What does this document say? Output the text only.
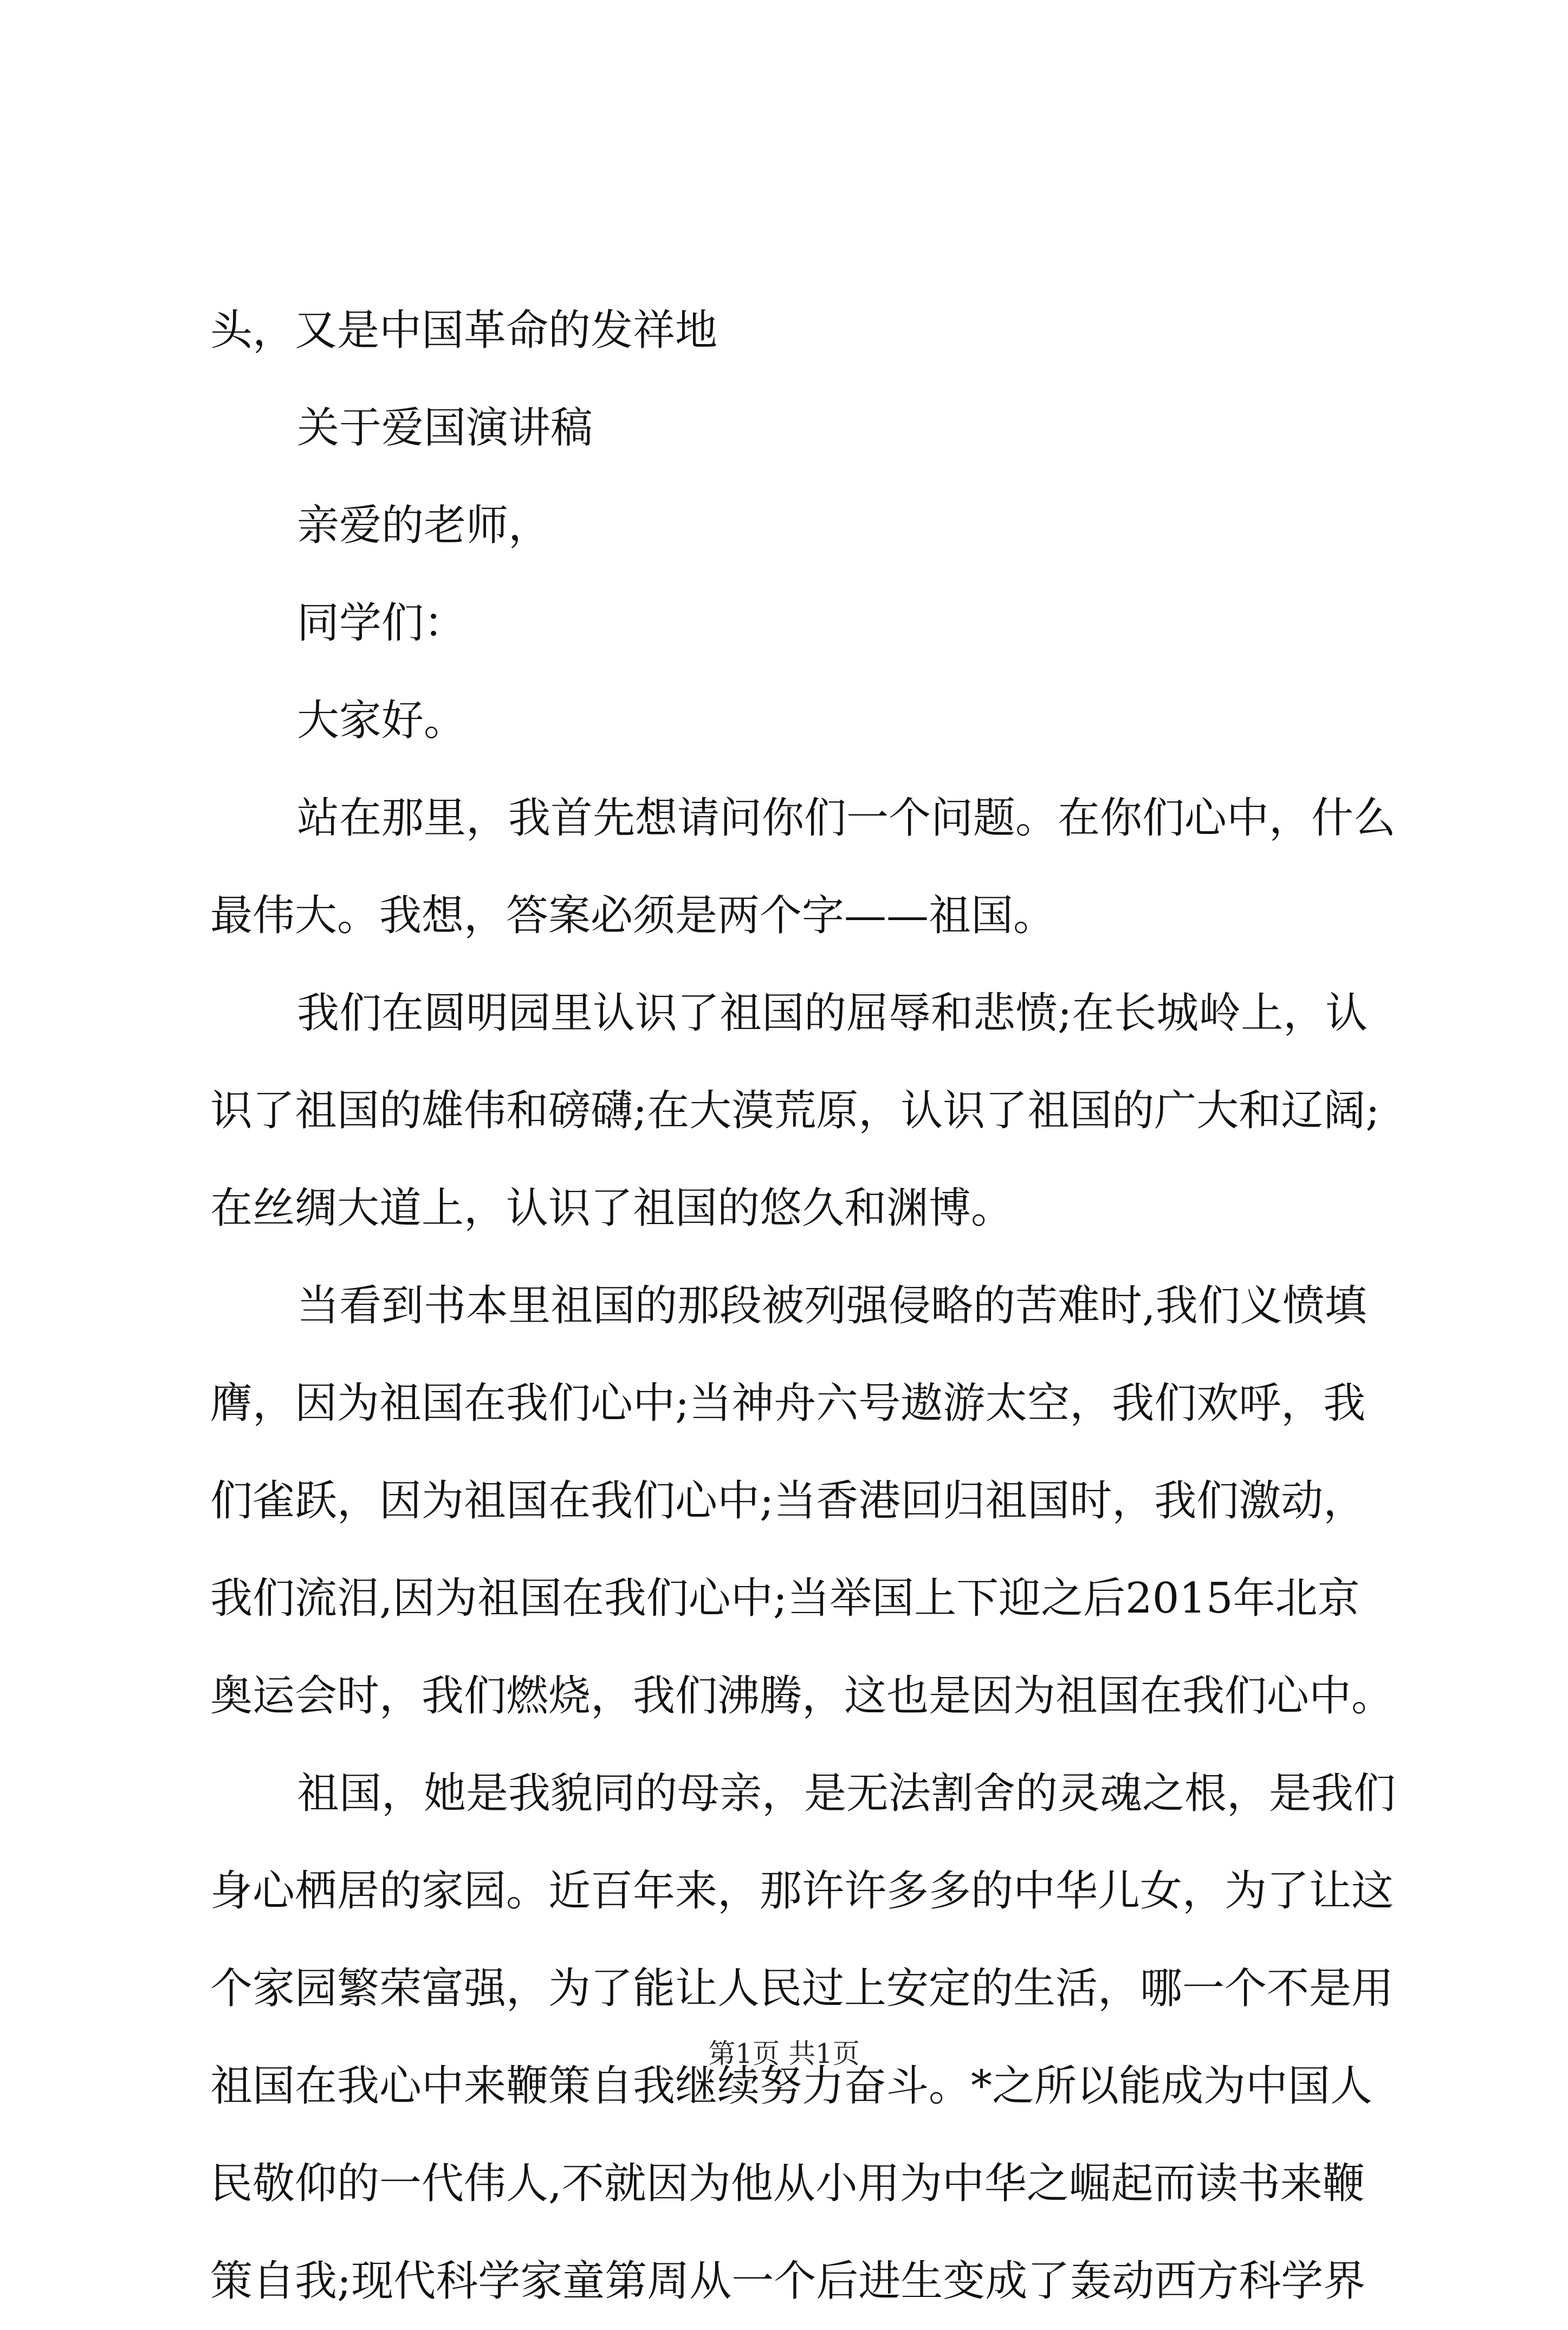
头，又是中国革命的发祥地
关于爱国演讲稿
亲爱的老师，
同学们：
大家好。
站在那里，我首先想请问你们一个问题。在你们心中，什么
最伟大。我想，答案必须是两个字——祖国。
我们在圆明园里认识了祖国的屈辱和悲愤;在长城岭上，认
识了祖国的雄伟和磅礴;在大漠荒原，认识了祖国的广大和辽阔;
在丝绸大道上，认识了祖国的悠久和渊博。
当看到书本里祖国的那段被列强侵略的苦难时,我们义愤填
膺，因为祖国在我们心中;当神舟六号遨游太空，我们欢呼，我
们雀跃，因为祖国在我们心中;当香港回归祖国时，我们激动，
我们流泪,因为祖国在我们心中;当举国上下迎之后2015年北京
奥运会时，我们燃烧，我们沸腾，这也是因为祖国在我们心中。
祖国，她是我貌同的母亲，是无法割舍的灵魂之根，是我们
身心栖居的家园。近百年来，那许许多多的中华儿女，为了让这
个家园繁荣富强，为了能让人民过上安定的生活，哪一个不是用
祖国在我心中来鞭策自我继续努力奋斗。*之所以能成为中国人
民敬仰的一代伟人,不就因为他从小用为中华之崛起而读书来鞭
策自我;现代科学家童第周从一个后进生变成了轰动西方科学界
第1页 共1页
